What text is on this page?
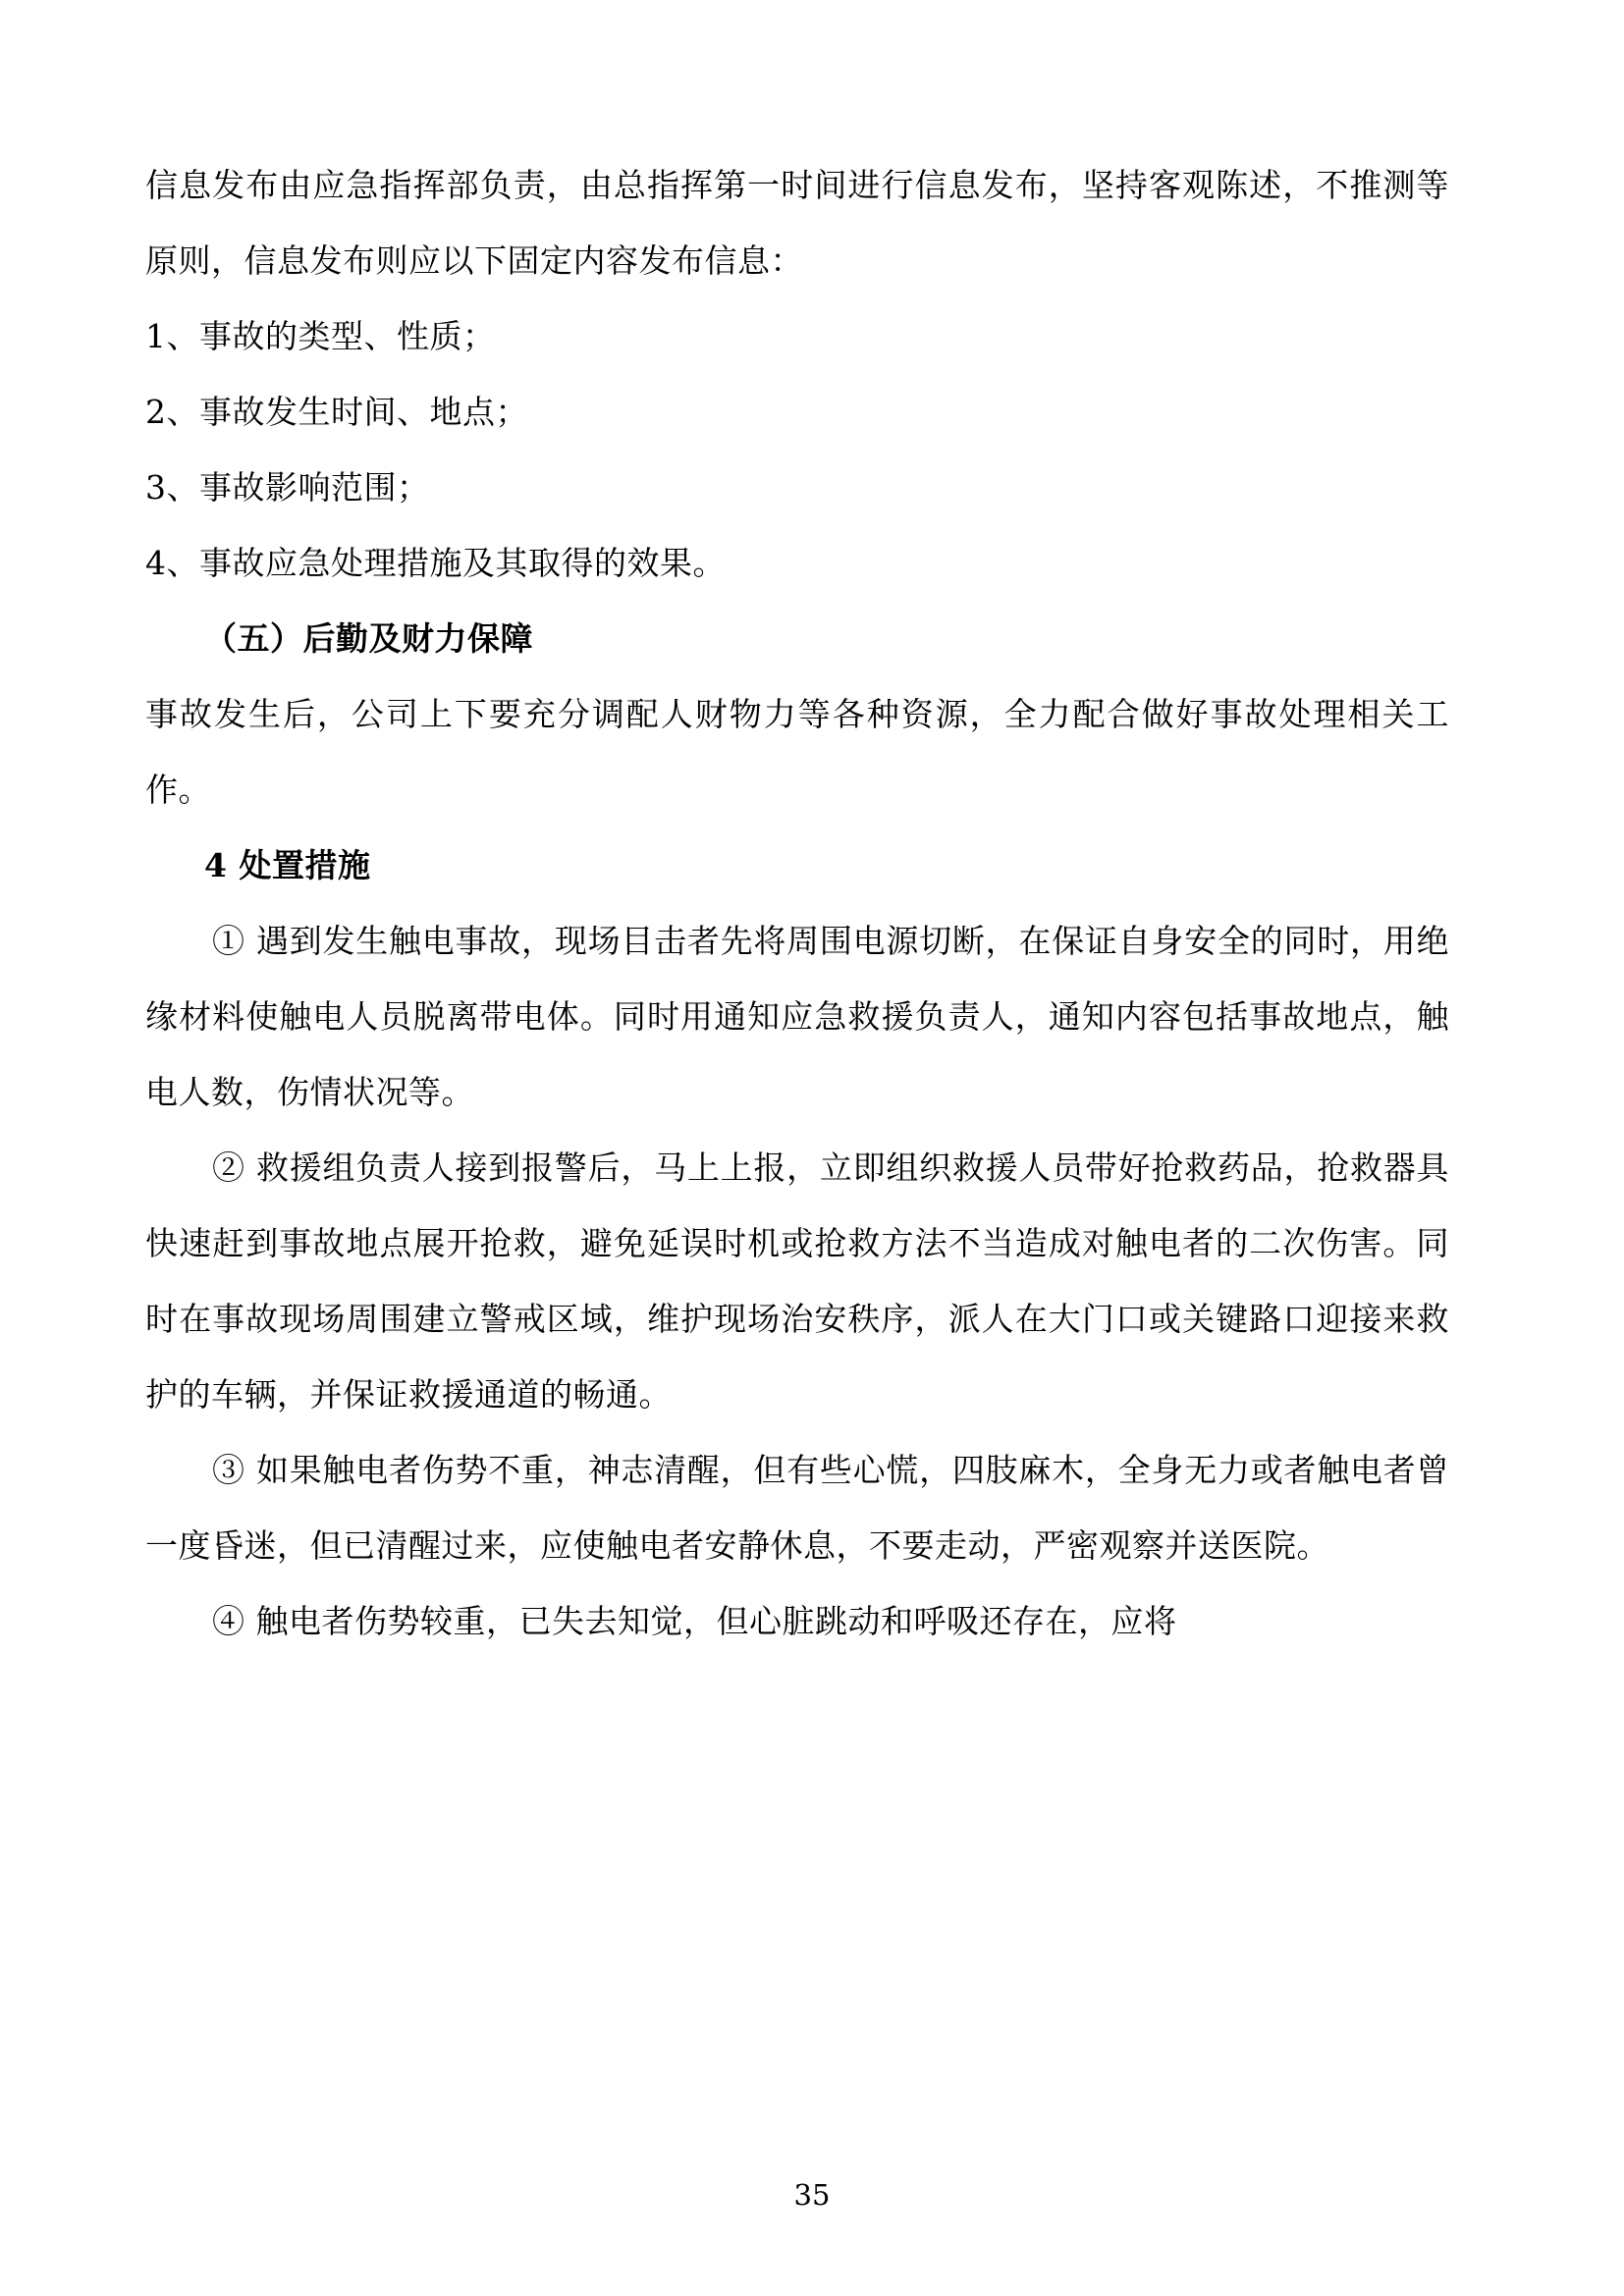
信息发布由应急指挥部负责，由总指挥第一时间进行信息发布，坚持客观陈述，不推测等原则，信息发布则应以下固定内容发布信息：

1、事故的类型、性质；

2、事故发生时间、地点；

3、事故影响范围；

4、事故应急处理措施及其取得的效果。

（五）后勤及财力保障

事故发生后，公司上下要充分调配人财物力等各种资源，全力配合做好事故处理相关工作。

4 处置措施

① 遇到发生触电事故，现场目击者先将周围电源切断，在保证自身安全的同时，用绝缘材料使触电人员脱离带电体。同时用通知应急救援负责人，通知内容包括事故地点，触电人数，伤情状况等。

② 救援组负责人接到报警后，马上上报，立即组织救援人员带好抢救药品，抢救器具快速赶到事故地点展开抢救，避免延误时机或抢救方法不当造成对触电者的二次伤害。同时在事故现场周围建立警戒区域，维护现场治安秩序，派人在大门口或关键路口迎接来救护的车辆，并保证救援通道的畅通。

③ 如果触电者伤势不重，神志清醒，但有些心慌，四肢麻木，全身无力或者触电者曾一度昏迷，但已清醒过来，应使触电者安静休息，不要走动，严密观察并送医院。

④ 触电者伤势较重，已失去知觉，但心脏跳动和呼吸还存在，应将

35
